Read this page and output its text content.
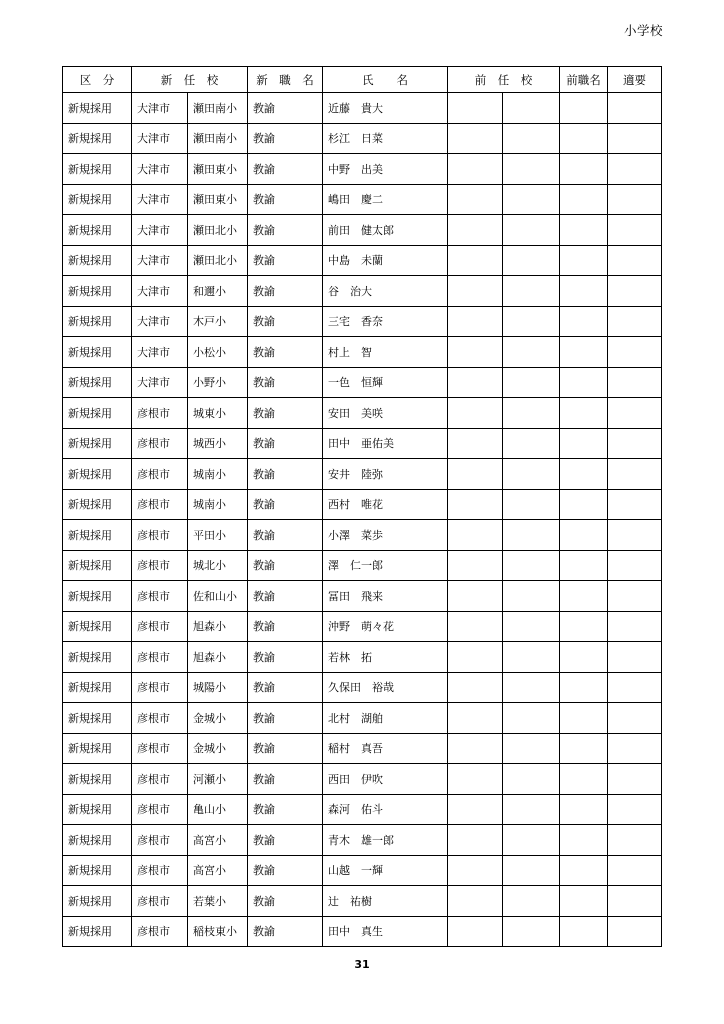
小学校
区　分	新　任　校		新　職　名	氏　　名	前　任　校		前職名	適要
新規採用	大津市	瀬田南小	教諭	近藤　貴大				
新規採用	大津市	瀬田南小	教諭	杉江　日菜				
新規採用	大津市	瀬田東小	教諭	中野　出美				
新規採用	大津市	瀬田東小	教諭	嶋田　慶二				
新規採用	大津市	瀬田北小	教諭	前田　健太郎				
新規採用	大津市	瀬田北小	教諭	中島　未蘭				
新規採用	大津市	和邇小	教諭	谷　治大				
新規採用	大津市	木戸小	教諭	三宅　香奈				
新規採用	大津市	小松小	教諭	村上　智				
新規採用	大津市	小野小	教諭	一色　恒輝				
新規採用	彦根市	城東小	教諭	安田　美咲				
新規採用	彦根市	城西小	教諭	田中　亜佑美				
新規採用	彦根市	城南小	教諭	安井　陸弥				
新規採用	彦根市	城南小	教諭	西村　唯花				
新規採用	彦根市	平田小	教諭	小澤　菜歩				
新規採用	彦根市	城北小	教諭	澤　仁一郎				
新規採用	彦根市	佐和山小	教諭	冨田　飛来				
新規採用	彦根市	旭森小	教諭	沖野　萌々花				
新規採用	彦根市	旭森小	教諭	若林　拓				
新規採用	彦根市	城陽小	教諭	久保田　裕哉				
新規採用	彦根市	金城小	教諭	北村　湖舶				
新規採用	彦根市	金城小	教諭	稲村　真吾				
新規採用	彦根市	河瀬小	教諭	西田　伊吹				
新規採用	彦根市	亀山小	教諭	森河　佑斗				
新規採用	彦根市	高宮小	教諭	青木　雄一郎				
新規採用	彦根市	高宮小	教諭	山越　一輝				
新規採用	彦根市	若葉小	教諭	辻　祐樹				
新規採用	彦根市	稲枝東小	教諭	田中　真生				
31
